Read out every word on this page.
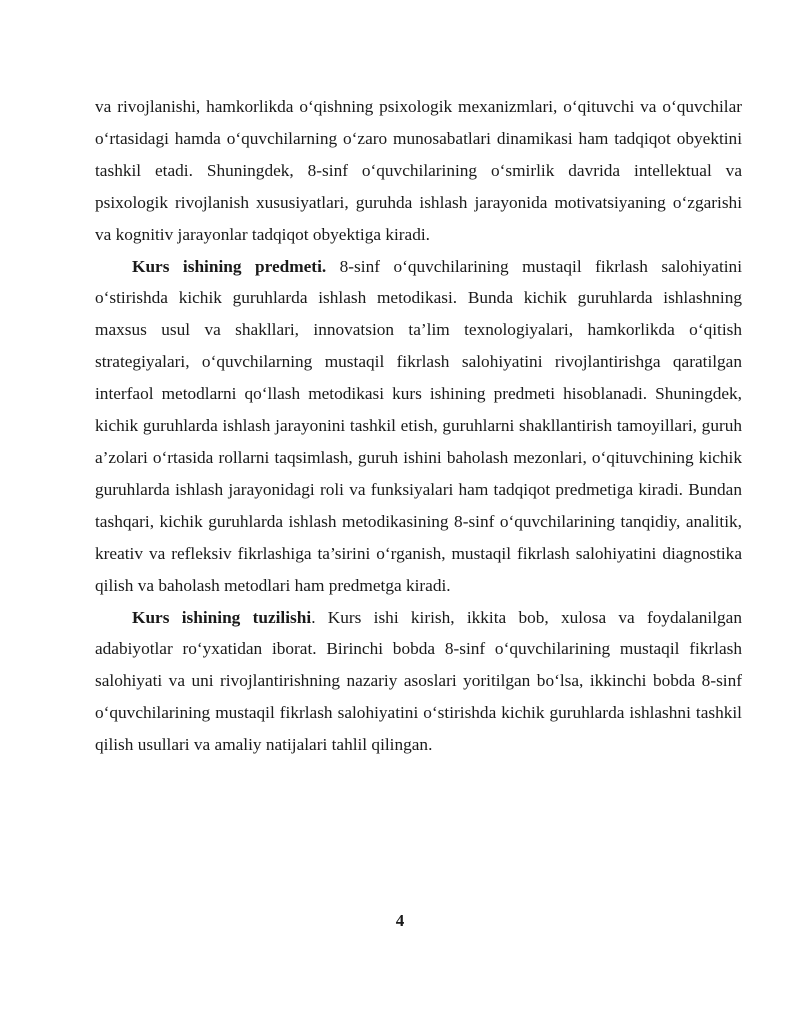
va rivojlanishi, hamkorlikda o‘qishning psixologik mexanizmlari, o‘qituvchi va o‘quvchilar o‘rtasidagi hamda o‘quvchilarning o‘zaro munosabatlari dinamikasi ham tadqiqot obyektini tashkil etadi. Shuningdek, 8-sinf o‘quvchilarining o‘smirlik davrida intellektual va psixologik rivojlanish xususiyatlari, guruhda ishlash jarayonida motivatsiyaning o‘zgarishi va kognitiv jarayonlar tadqiqot obyektiga kiradi.

Kurs ishining predmeti. 8-sinf o‘quvchilarining mustaqil fikrlash salohiyatini o‘stirishda kichik guruhlarda ishlash metodikasi. Bunda kichik guruhlarda ishlashning maxsus usul va shakllari, innovatsion ta’lim texnologiyalari, hamkorlikda o‘qitish strategiyalari, o‘quvchilarning mustaqil fikrlash salohiyatini rivojlantirishga qaratilgan interfaol metodlarni qo‘llash metodikasi kurs ishining predmeti hisoblanadi. Shuningdek, kichik guruhlarda ishlash jarayonini tashkil etish, guruhlarni shakllantirish tamoyillari, guruh a’zolari o‘rtasida rollarni taqsimlash, guruh ishini baholash mezonlari, o‘qituvchining kichik guruhlarda ishlash jarayonidagi roli va funksiyalari ham tadqiqot predmetiga kiradi. Bundan tashqari, kichik guruhlarda ishlash metodikasining 8-sinf o‘quvchilarining tanqidiy, analitik, kreativ va refleksiv fikrlashiga ta’sirini o‘rganish, mustaqil fikrlash salohiyatini diagnostika qilish va baholash metodlari ham predmetga kiradi.

Kurs ishining tuzilishi. Kurs ishi kirish, ikkita bob, xulosa va foydalanilgan adabiyotlar ro‘yxatidan iborat. Birinchi bobda 8-sinf o‘quvchilarining mustaqil fikrlash salohiyati va uni rivojlantirishning nazariy asoslari yoritilgan bo‘lsa, ikkinchi bobda 8-sinf o‘quvchilarining mustaqil fikrlash salohiyatini o‘stirishda kichik guruhlarda ishlashni tashkil qilish usullari va amaliy natijalari tahlil qilingan.

4
